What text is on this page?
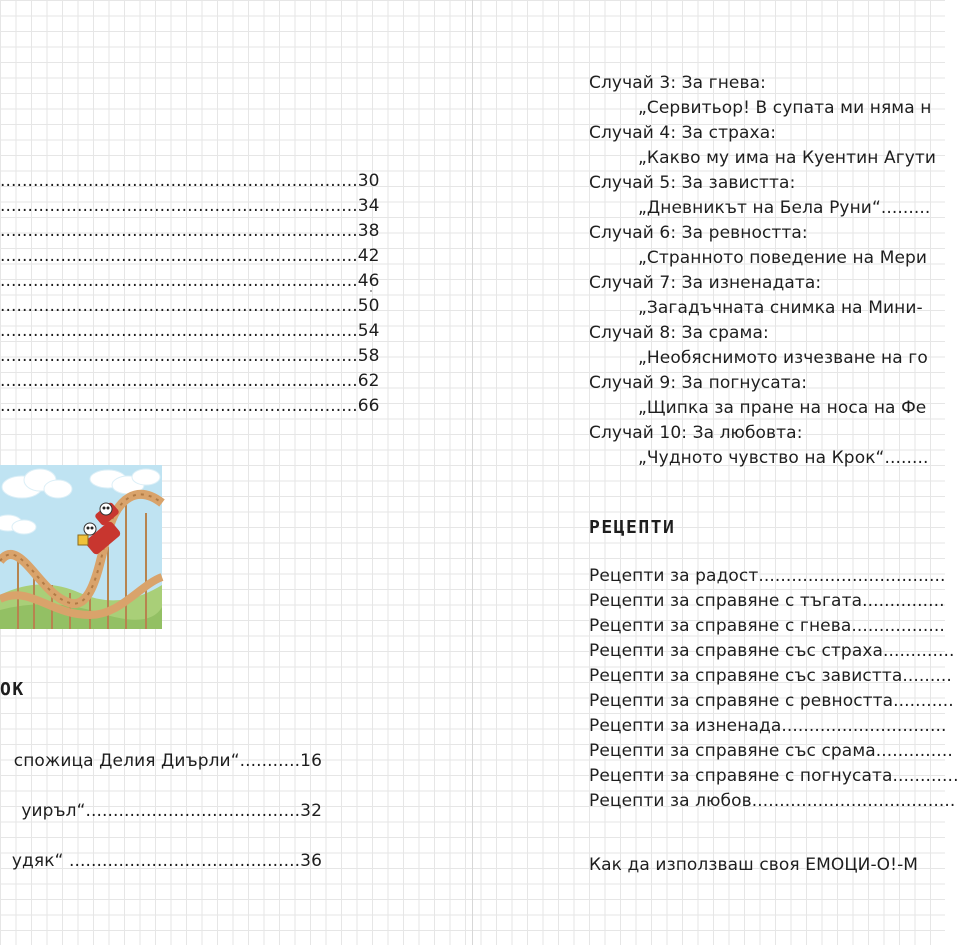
.................................................................30
.................................................................34
.................................................................38
.................................................................42
.................................................................46
.................................................................50
.................................................................54
.................................................................58
.................................................................62
.................................................................66
ОК
спожица Делия Диърли“...........16
уиръл“.......................................32
удяк“ ..........................................36
Случай 3: За гнева:
„Сервитьор! В супата ми няма н
Случай 4: За страха:
„Какво му има на Куентин Агути
Случай 5: За завистта:
„Дневникът на Бела Руни“.........
Случай 6: За ревността:
„Странното поведение на Мери
Случай 7: За изненадата:
„Загадъчната снимка на Мини-
Случай 8: За срама:
„Необяснимото изчезване на го
Случай 9: За погнусата:
„Щипка за пране на носа на Фе
Случай 10: За любовта:
„Чудното чувство на Крок“........
РЕЦЕПТИ
Рецепти за радост..................................
Рецепти за справяне с тъгата...............
Рецепти за справяне с гнева.................
Рецепти за справяне със страха.............
Рецепти за справяне със завистта.........
Рецепти за справяне с ревността...........
Рецепти за изненада..............................
Рецепти за справяне със срама..............
Рецепти за справяне с погнусата............
Рецепти за любов.....................................
Как да използваш своя ЕМОЦИ-О!-М
